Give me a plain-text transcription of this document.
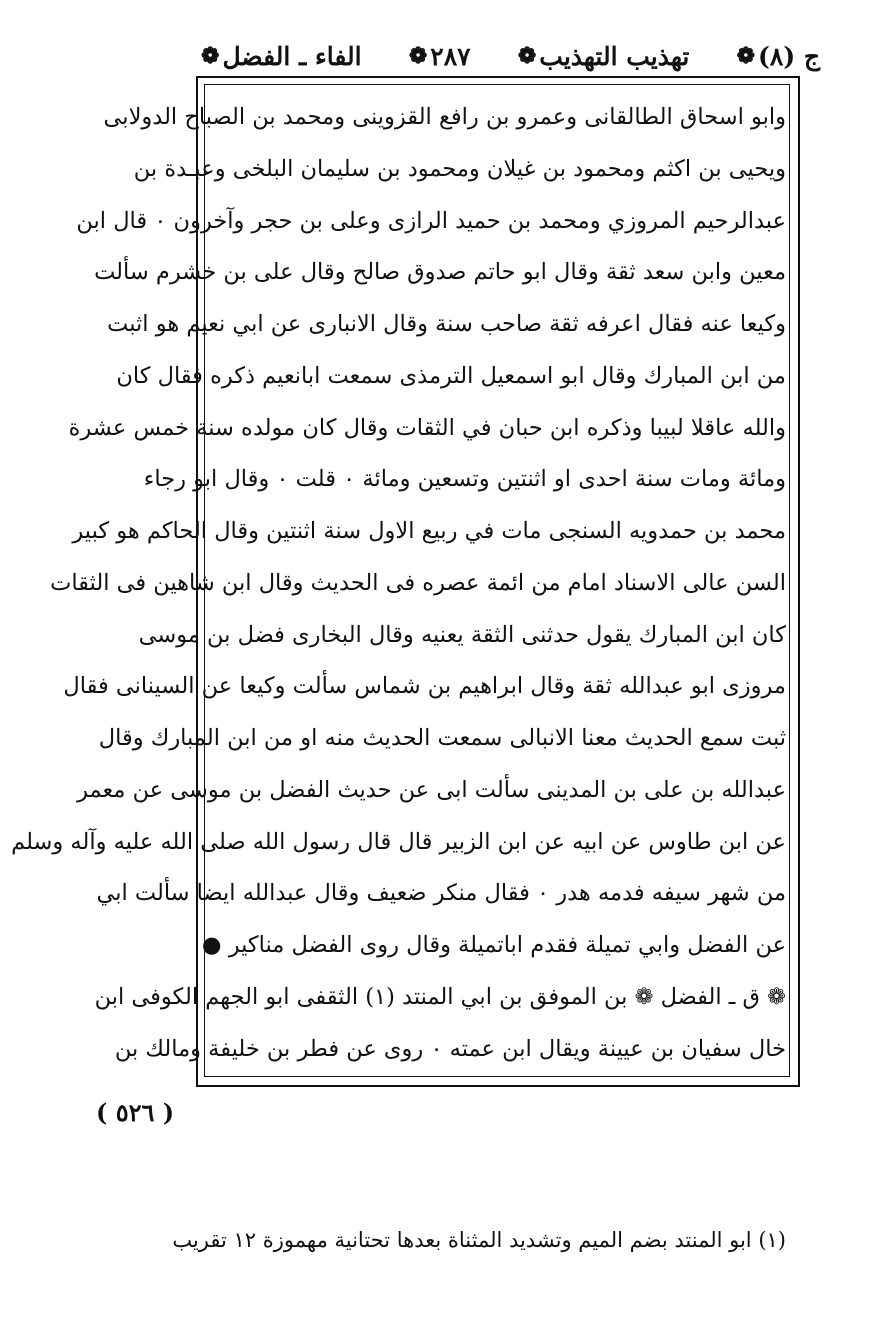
ج (٨)
❁
تهذيب التهذيب
❁
٢٨٧
❁
الفاء ـ الفضل
❁
وابو اسحاق الطالقانى وعمرو بن رافع القزوينى ومحمد بن الصباح الدولابى
ويحيى بن اكثم ومحمود بن غيلان ومحمود بن سليمان البلخى وعبـدة بن
عبدالرحيم المروزي ومحمد بن حميد الرازى وعلى بن حجر وآخرون ٠ قال ابن
معين وابن سعد ثقة وقال ابو حاتم صدوق صالح وقال على بن خشرم سألت
وكيعا عنه فقال اعرفه ثقة صاحب سنة وقال الانبارى عن ابي نعيم هو اثبت
من ابن المبارك وقال ابو اسمعيل الترمذى سمعت ابانعيم ذكره فقال كان
والله عاقلا لبيبا وذكره ابن حبان في الثقات وقال كان مولده سنة خمس عشرة
ومائة ومات سنة احدى او اثنتين وتسعين ومائة ٠ قلت ٠ وقال ابو رجاء
محمد بن حمدويه السنجى مات في ربيع الاول سنة اثنتين وقال الحاكم هو كبير
السن عالى الاسناد امام من ائمة عصره فى الحديث وقال ابن شاهين فى الثقات
كان ابن المبارك يقول حدثنى الثقة يعنيه وقال البخارى فضل بن موسى
مروزى ابو عبدالله ثقة وقال ابراهيم بن شماس سألت وكيعا عن السينانى فقال
ثبت سمع الحديث معنا الانبالى سمعت الحديث منه او من ابن المبارك وقال
عبدالله بن على بن المدينى سألت ابى عن حديث الفضل بن موسى عن معمر
عن ابن طاوس عن ابيه عن ابن الزبير قال قال رسول الله صلى الله عليه وآله وسلم
من شهر سيفه فدمه هدر ٠ فقال منكر ضعيف وقال عبدالله ايضا سألت ابي
عن الفضل وابي تميلة فقدم اباتميلة وقال روى الفضل مناكير ●
❁ ق ـ الفضل ❁ بن الموفق بن ابي المنتد (١) الثقفى ابو الجهم الكوفى ابن
خال سفيان بن عيينة ويقال ابن عمته ٠ روى عن فطر بن خليفة ومالك بن
( ٥٢٦ )
(١) ابو المنتد بضم الميم وتشديد المثناة بعدها تحتانية مهموزة ١٢ تقريب
